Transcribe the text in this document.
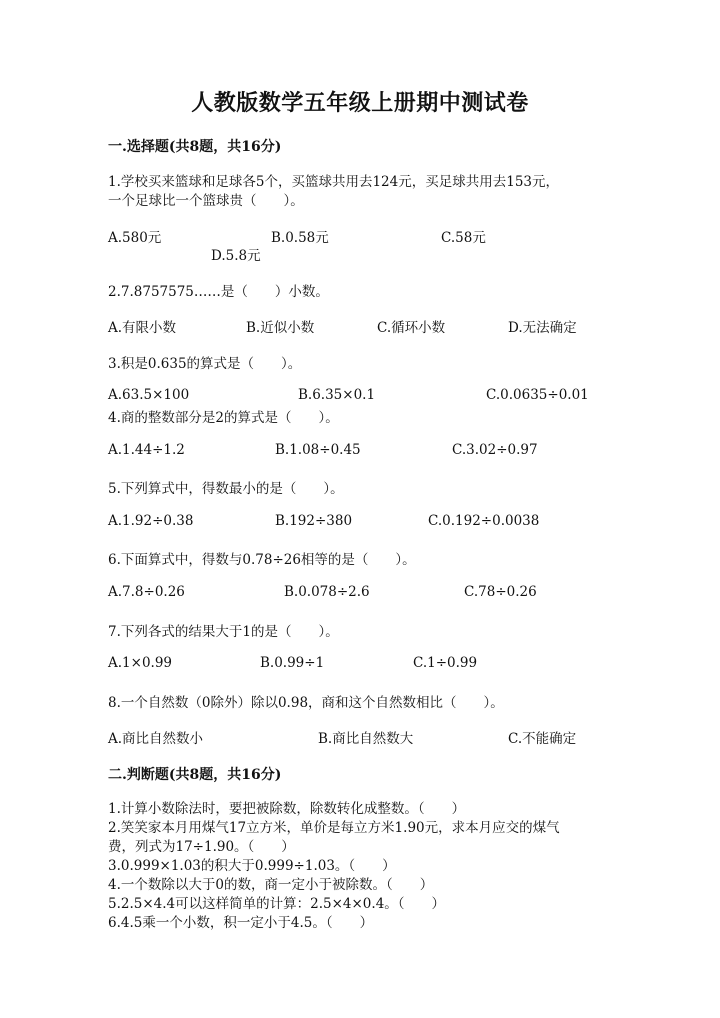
人教版数学五年级上册期中测试卷
一.选择题(共8题，共16分)
1.学校买来篮球和足球各5个，买篮球共用去124元，买足球共用去153元，
一个足球比一个篮球贵（　　）。
A.580元	B.0.58元	C.58元
D.5.8元
2.7.8757575……是（　　）小数。
A.有限小数	B.近似小数	C.循环小数	D.无法确定
3.积是0.635的算式是（　　）。
A.63.5×100	B.6.35×0.1	C.0.0635÷0.01
4.商的整数部分是2的算式是（　　）。
A.1.44÷1.2	B.1.08÷0.45	C.3.02÷0.97
5.下列算式中，得数最小的是（　　）。
A.1.92÷0.38	B.192÷380	C.0.192÷0.0038
6.下面算式中，得数与0.78÷26相等的是（　　）。
A.7.8÷0.26	B.0.078÷2.6	C.78÷0.26
7.下列各式的结果大于1的是（　　）。
A.1×0.99	B.0.99÷1	C.1÷0.99
8.一个自然数（0除外）除以0.98，商和这个自然数相比（　　）。
A.商比自然数小	B.商比自然数大	C.不能确定
二.判断题(共8题，共16分)
1.计算小数除法时，要把被除数，除数转化成整数。（　　）
2.笑笑家本月用煤气17立方米，单价是每立方米1.90元，求本月应交的煤气
费，列式为17÷1.90。（　　）
3.0.999×1.03的积大于0.999÷1.03。（　　）
4.一个数除以大于0的数，商一定小于被除数。（　　）
5.2.5×4.4可以这样简单的计算：2.5×4×0.4。（　　）
6.4.5乘一个小数，积一定小于4.5。（　　）
